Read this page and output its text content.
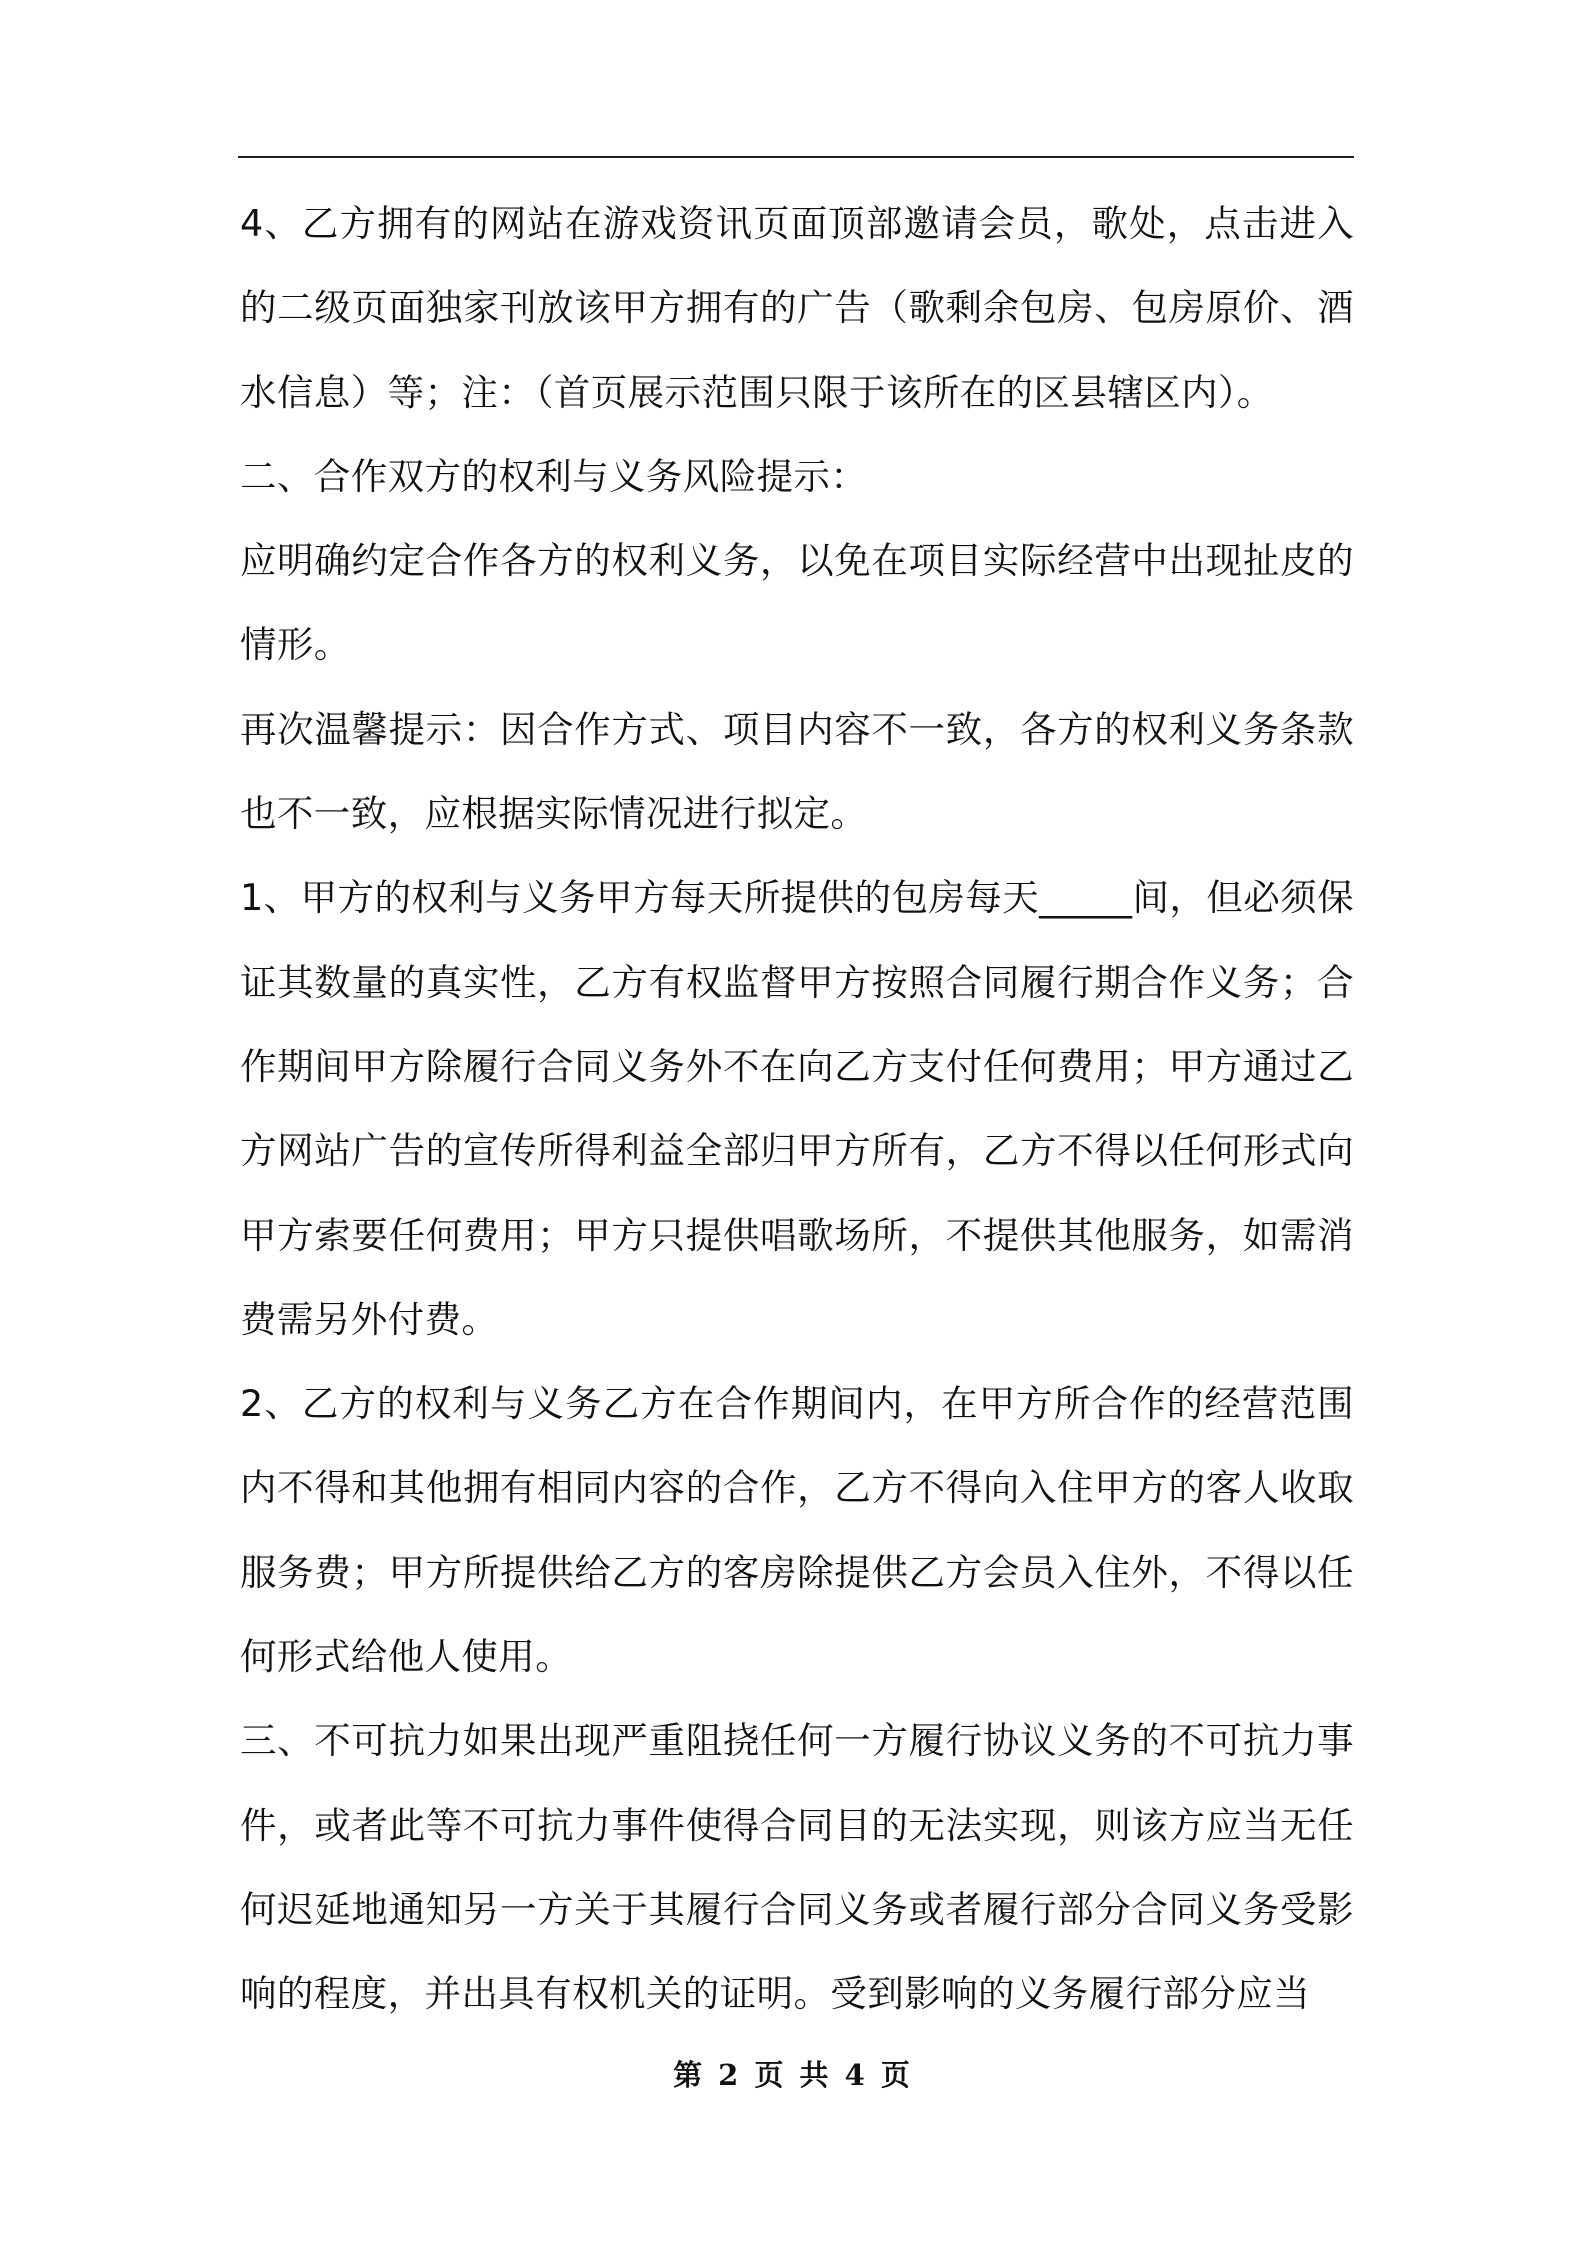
4、乙方拥有的网站在游戏资讯页面顶部邀请会员，歌处，点击进入的二级页面独家刊放该甲方拥有的广告（歌剩余包房、包房原价、酒水信息）等；注：（首页展示范围只限于该所在的区县辖区内）。

二、合作双方的权利与义务风险提示：

应明确约定合作各方的权利义务，以免在项目实际经营中出现扯皮的情形。

再次温馨提示：因合作方式、项目内容不一致，各方的权利义务条款也不一致，应根据实际情况进行拟定。

1、甲方的权利与义务甲方每天所提供的包房每天_____间，但必须保证其数量的真实性，乙方有权监督甲方按照合同履行期合作义务；合作期间甲方除履行合同义务外不在向乙方支付任何费用；甲方通过乙方网站广告的宣传所得利益全部归甲方所有，乙方不得以任何形式向甲方索要任何费用；甲方只提供唱歌场所，不提供其他服务，如需消费需另外付费。

2、乙方的权利与义务乙方在合作期间内，在甲方所合作的经营范围内不得和其他拥有相同内容的合作，乙方不得向入住甲方的客人收取服务费；甲方所提供给乙方的客房除提供乙方会员入住外，不得以任何形式给他人使用。

三、不可抗力如果出现严重阻挠任何一方履行协议义务的不可抗力事件，或者此等不可抗力事件使得合同目的无法实现，则该方应当无任何迟延地通知另一方关于其履行合同义务或者履行部分合同义务受影响的程度，并出具有权机关的证明。受到影响的义务履行部分应当

第 2 页 共 4 页
